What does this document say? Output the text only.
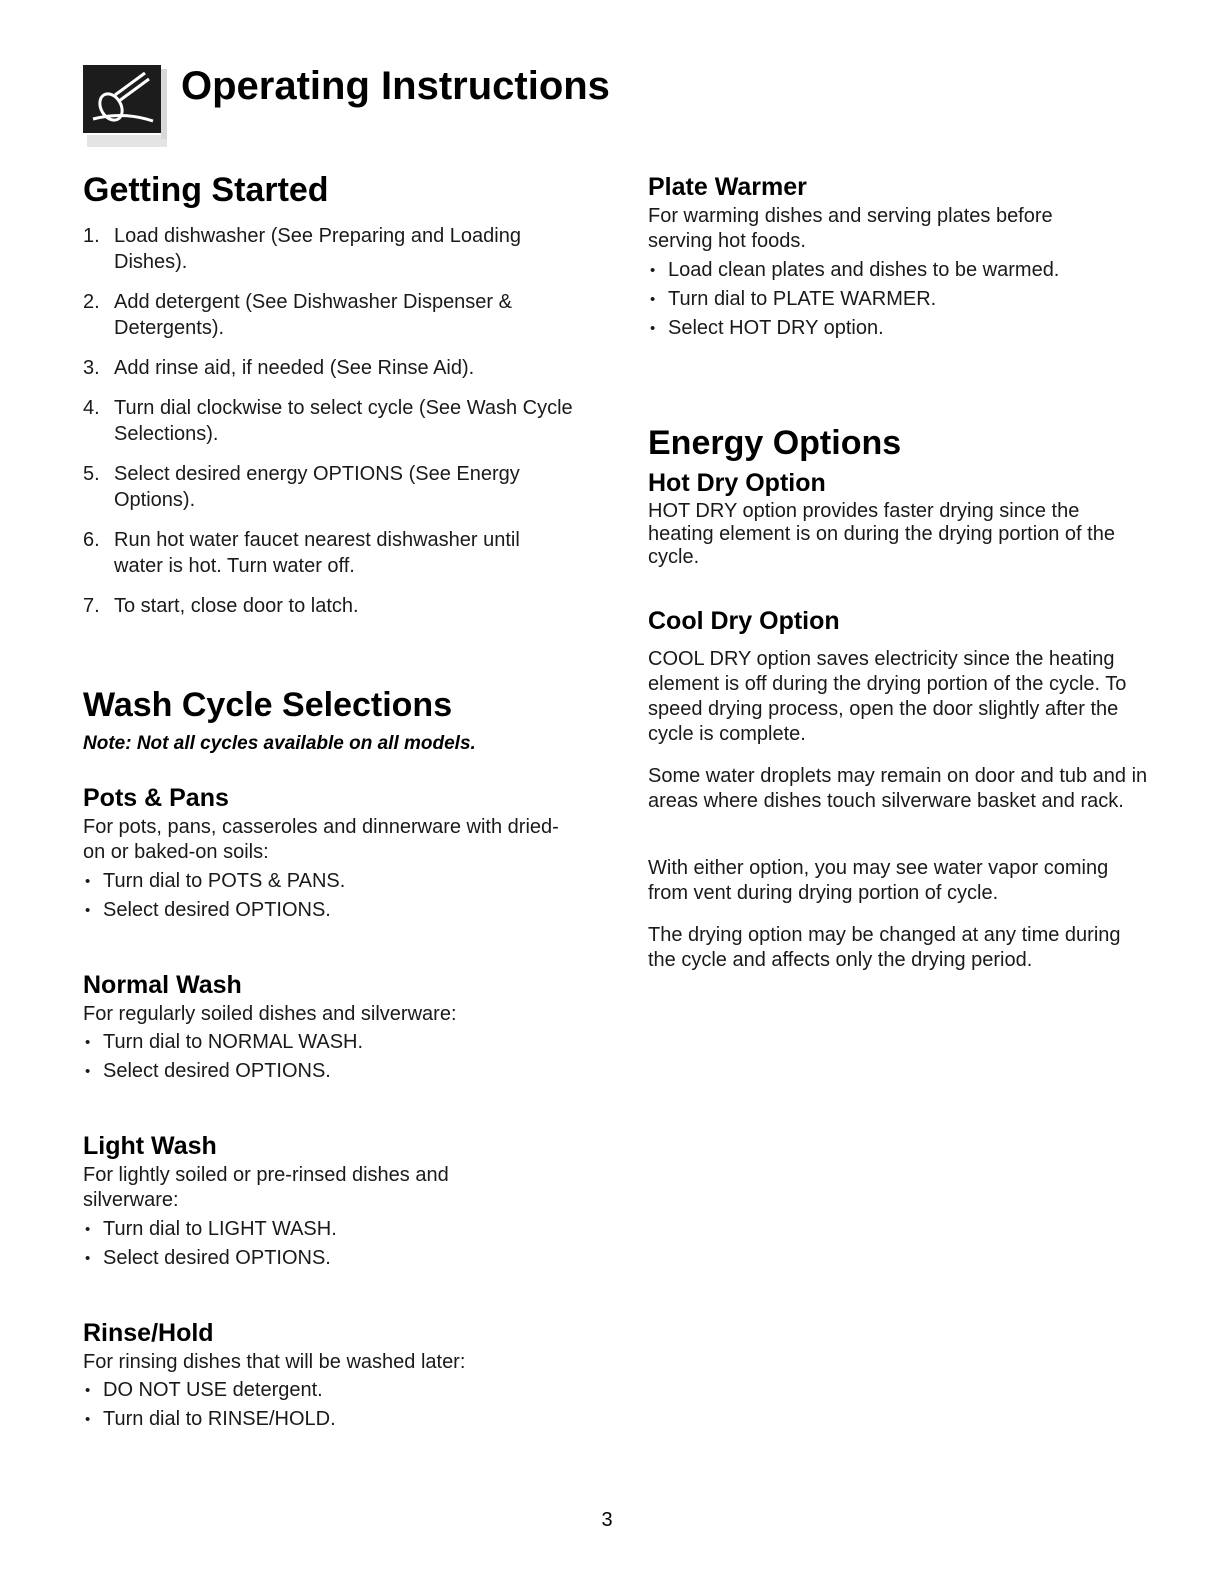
Operating Instructions
Getting Started
1. Load dishwasher (See Preparing and Loading Dishes).
2. Add detergent (See Dishwasher Dispenser & Detergents).
3. Add rinse aid, if needed (See Rinse Aid).
4. Turn dial clockwise to select cycle (See Wash Cycle Selections).
5. Select desired energy OPTIONS (See Energy Options).
6. Run hot water faucet nearest dishwasher until water is hot. Turn water off.
7. To start, close door to latch.
Wash Cycle Selections
Note: Not all cycles available on all models.
Pots & Pans
For pots, pans, casseroles and dinnerware with dried-on or baked-on soils:
• Turn dial to POTS & PANS.
• Select desired OPTIONS.
Normal Wash
For regularly soiled dishes and silverware:
• Turn dial to NORMAL WASH.
• Select desired OPTIONS.
Light Wash
For lightly soiled or pre-rinsed dishes and silverware:
• Turn dial to LIGHT WASH.
• Select desired OPTIONS.
Rinse/Hold
For rinsing dishes that will be washed later:
• DO NOT USE detergent.
• Turn dial to RINSE/HOLD.
Plate Warmer
For warming dishes and serving plates before serving hot foods.
• Load clean plates and dishes to be warmed.
• Turn dial to PLATE WARMER.
• Select HOT DRY option.
Energy Options
Hot Dry Option
HOT DRY option provides faster drying since the heating element is on during the drying portion of the cycle.
Cool Dry Option
COOL DRY option saves electricity since the heating element is off during the drying portion of the cycle. To speed drying process, open the door slightly after the cycle is complete.
Some water droplets may remain on door and tub and in areas where dishes touch silverware basket and rack.
With either option, you may see water vapor coming from vent during drying portion of cycle.
The drying option may be changed at any time during the cycle and affects only the drying period.
3
